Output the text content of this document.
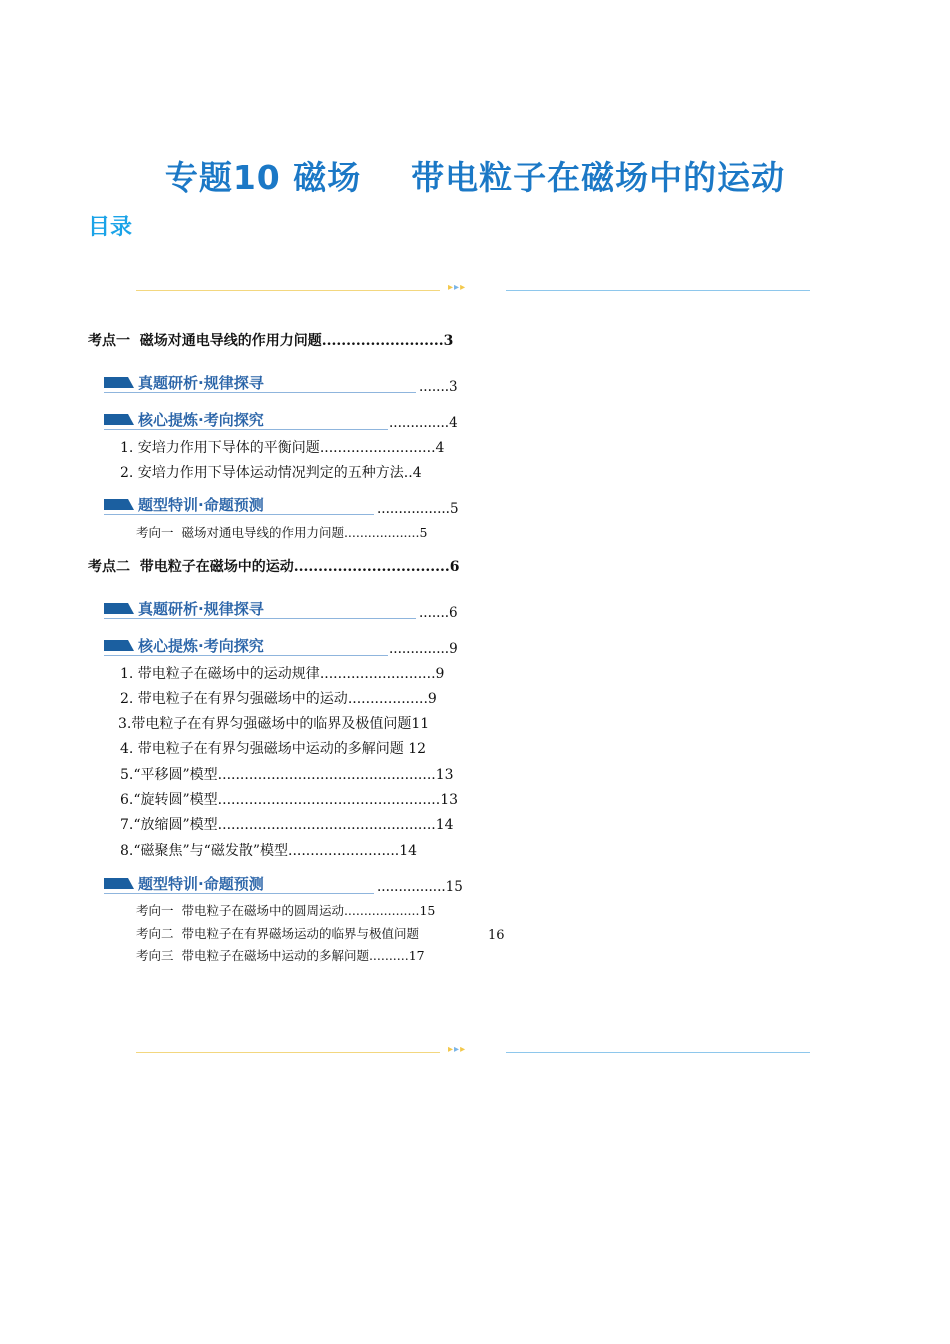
专题10 磁场    带电粒子在磁场中的运动
目录
▸▸▸
考点一  磁场对通电导线的作用力问题.........................3
真题研析·规律探寻	.......3
核心提炼·考向探究	..............4
1. 安培力作用下导体的平衡问题..........................4
2. 安培力作用下导体运动情况判定的五种方法..4
题型特训·命题预测	.................5
考向一  磁场对通电导线的作用力问题...................5
考点二  带电粒子在磁场中的运动................................6
真题研析·规律探寻	.......6
核心提炼·考向探究	..............9
1. 带电粒子在磁场中的运动规律..........................9
2. 带电粒子在有界匀强磁场中的运动..................9
3.带电粒子在有界匀强磁场中的临界及极值问题11
4. 带电粒子在有界匀强磁场中运动的多解问题 12
5.“平移圆”模型.................................................13
6.“旋转圆”模型..................................................13
7.“放缩圆”模型.................................................14
8.“磁聚焦”与“磁发散”模型.........................14
题型特训·命题预测	................15
考向一  带电粒子在磁场中的圆周运动...................15
考向二  带电粒子在有界磁场运动的临界与极值问题	16
考向三  带电粒子在磁场中运动的多解问题..........17
▸▸▸
